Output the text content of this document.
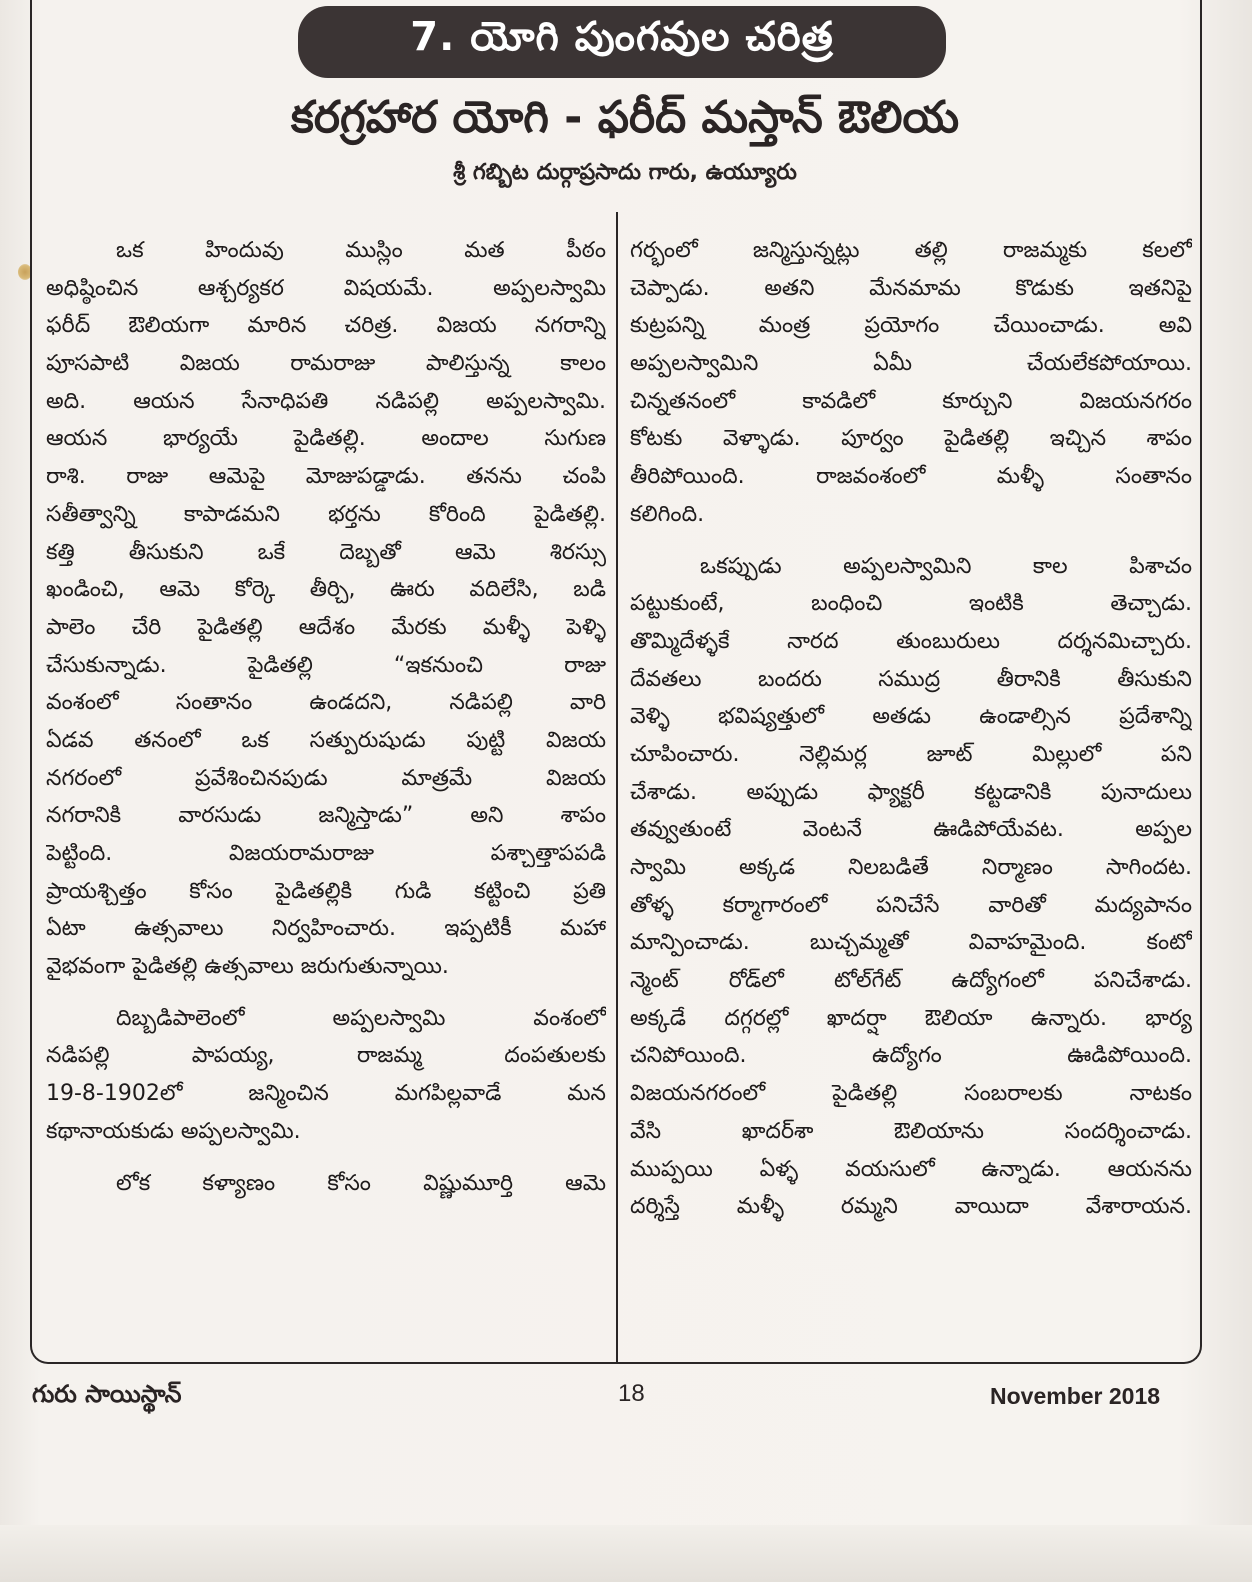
7. యోగి పుంగవుల చరిత్ర
కరగ్రహార యోగి - ఫరీద్ మస్తాన్ ఔలియ
శ్రీ గబ్బిట దుర్గాప్రసాదు గారు, ఉయ్యూరు
ఒక హిందువు ముస్లిం మత పీఠం
అధిష్ఠించిన ఆశ్చర్యకర విషయమే. అప్పలస్వామి
ఫరీద్ ఔలియగా మారిన చరిత్ర. విజయ నగరాన్ని
పూసపాటి విజయ రామరాజు పాలిస్తున్న కాలం
అది. ఆయన సేనాధిపతి నడిపల్లి అప్పలస్వామి.
ఆయన భార్యయే పైడితల్లి. అందాల సుగుణ
రాశి. రాజు ఆమెపై మోజుపడ్డాడు. తనను చంపి
సతీత్వాన్ని కాపాడమని భర్తను కోరింది పైడితల్లి.
కత్తి తీసుకుని ఒకే దెబ్బతో ఆమె శిరస్సు
ఖండించి, ఆమె కోర్కె తీర్చి, ఊరు వదిలేసి, బడి
పాలెం చేరి పైడితల్లి ఆదేశం మేరకు మళ్ళీ పెళ్ళి
చేసుకున్నాడు. పైడితల్లి “ఇకనుంచి రాజు
వంశంలో సంతానం ఉండదని, నడిపల్లి వారి
ఏడవ తనంలో ఒక సత్పురుషుడు పుట్టి విజయ
నగరంలో ప్రవేశించినపుడు మాత్రమే విజయ
నగరానికి వారసుడు జన్మిస్తాడు” అని శాపం
పెట్టింది. విజయరామరాజు పశ్చాత్తాపపడి
ప్రాయశ్చిత్తం కోసం పైడితల్లికి గుడి కట్టించి ప్రతి
ఏటా ఉత్సవాలు నిర్వహించారు. ఇప్పటికీ మహా
వైభవంగా పైడితల్లి ఉత్సవాలు జరుగుతున్నాయి.
దిబ్బడిపాలెంలో అప్పలస్వామి వంశంలో
నడిపల్లి పాపయ్య, రాజమ్మ దంపతులకు
19-8-1902లో జన్మించిన మగపిల్లవాడే మన
కథానాయకుడు అప్పలస్వామి.
లోక కళ్యాణం కోసం విష్ణుమూర్తి ఆమె
గర్భంలో జన్మిస్తున్నట్లు తల్లి రాజమ్మకు కలలో
చెప్పాడు. అతని మేనమామ కొడుకు ఇతనిపై
కుట్రపన్ని మంత్ర ప్రయోగం చేయించాడు. అవి
అప్పలస్వామిని ఏమీ చేయలేకపోయాయి.
చిన్నతనంలో కావడిలో కూర్చుని విజయనగరం
కోటకు వెళ్ళాడు. పూర్వం పైడితల్లి ఇచ్చిన శాపం
తీరిపోయింది. రాజవంశంలో మళ్ళీ సంతానం
కలిగింది.
ఒకప్పుడు అప్పలస్వామిని కాల పిశాచం
పట్టుకుంటే, బంధించి ఇంటికి తెచ్చాడు.
తొమ్మిదేళ్ళకే నారద తుంబురులు దర్శనమిచ్చారు.
దేవతలు బందరు సముద్ర తీరానికి తీసుకుని
వెళ్ళి భవిష్యత్తులో అతడు ఉండాల్సిన ప్రదేశాన్ని
చూపించారు. నెల్లిమర్ల జూట్ మిల్లులో పని
చేశాడు. అప్పుడు ఫ్యాక్టరీ కట్టడానికి పునాదులు
తవ్వుతుంటే వెంటనే ఊడిపోయేవట. అప్పల
స్వామి అక్కడ నిలబడితే నిర్మాణం సాగిందట.
తోళ్ళ కర్మాగారంలో పనిచేసే వారితో మద్యపానం
మాన్పించాడు. బుచ్చమ్మతో వివాహమైంది. కంటో
న్మెంట్ రోడ్‌లో టోల్‌గేట్ ఉద్యోగంలో పనిచేశాడు.
అక్కడే దగ్గరల్లో ఖాదర్షా ఔలియా ఉన్నారు. భార్య
చనిపోయింది. ఉద్యోగం ఊడిపోయింది.
విజయనగరంలో పైడితల్లి సంబరాలకు నాటకం
వేసి ఖాదర్‌శా ఔలియాను సందర్శించాడు.
ముప్పయి ఏళ్ళ వయసులో ఉన్నాడు. ఆయనను
దర్శిస్తే మళ్ళీ రమ్మని వాయిదా వేశారాయన.
గురు సాయిస్థాన్	18	November 2018
